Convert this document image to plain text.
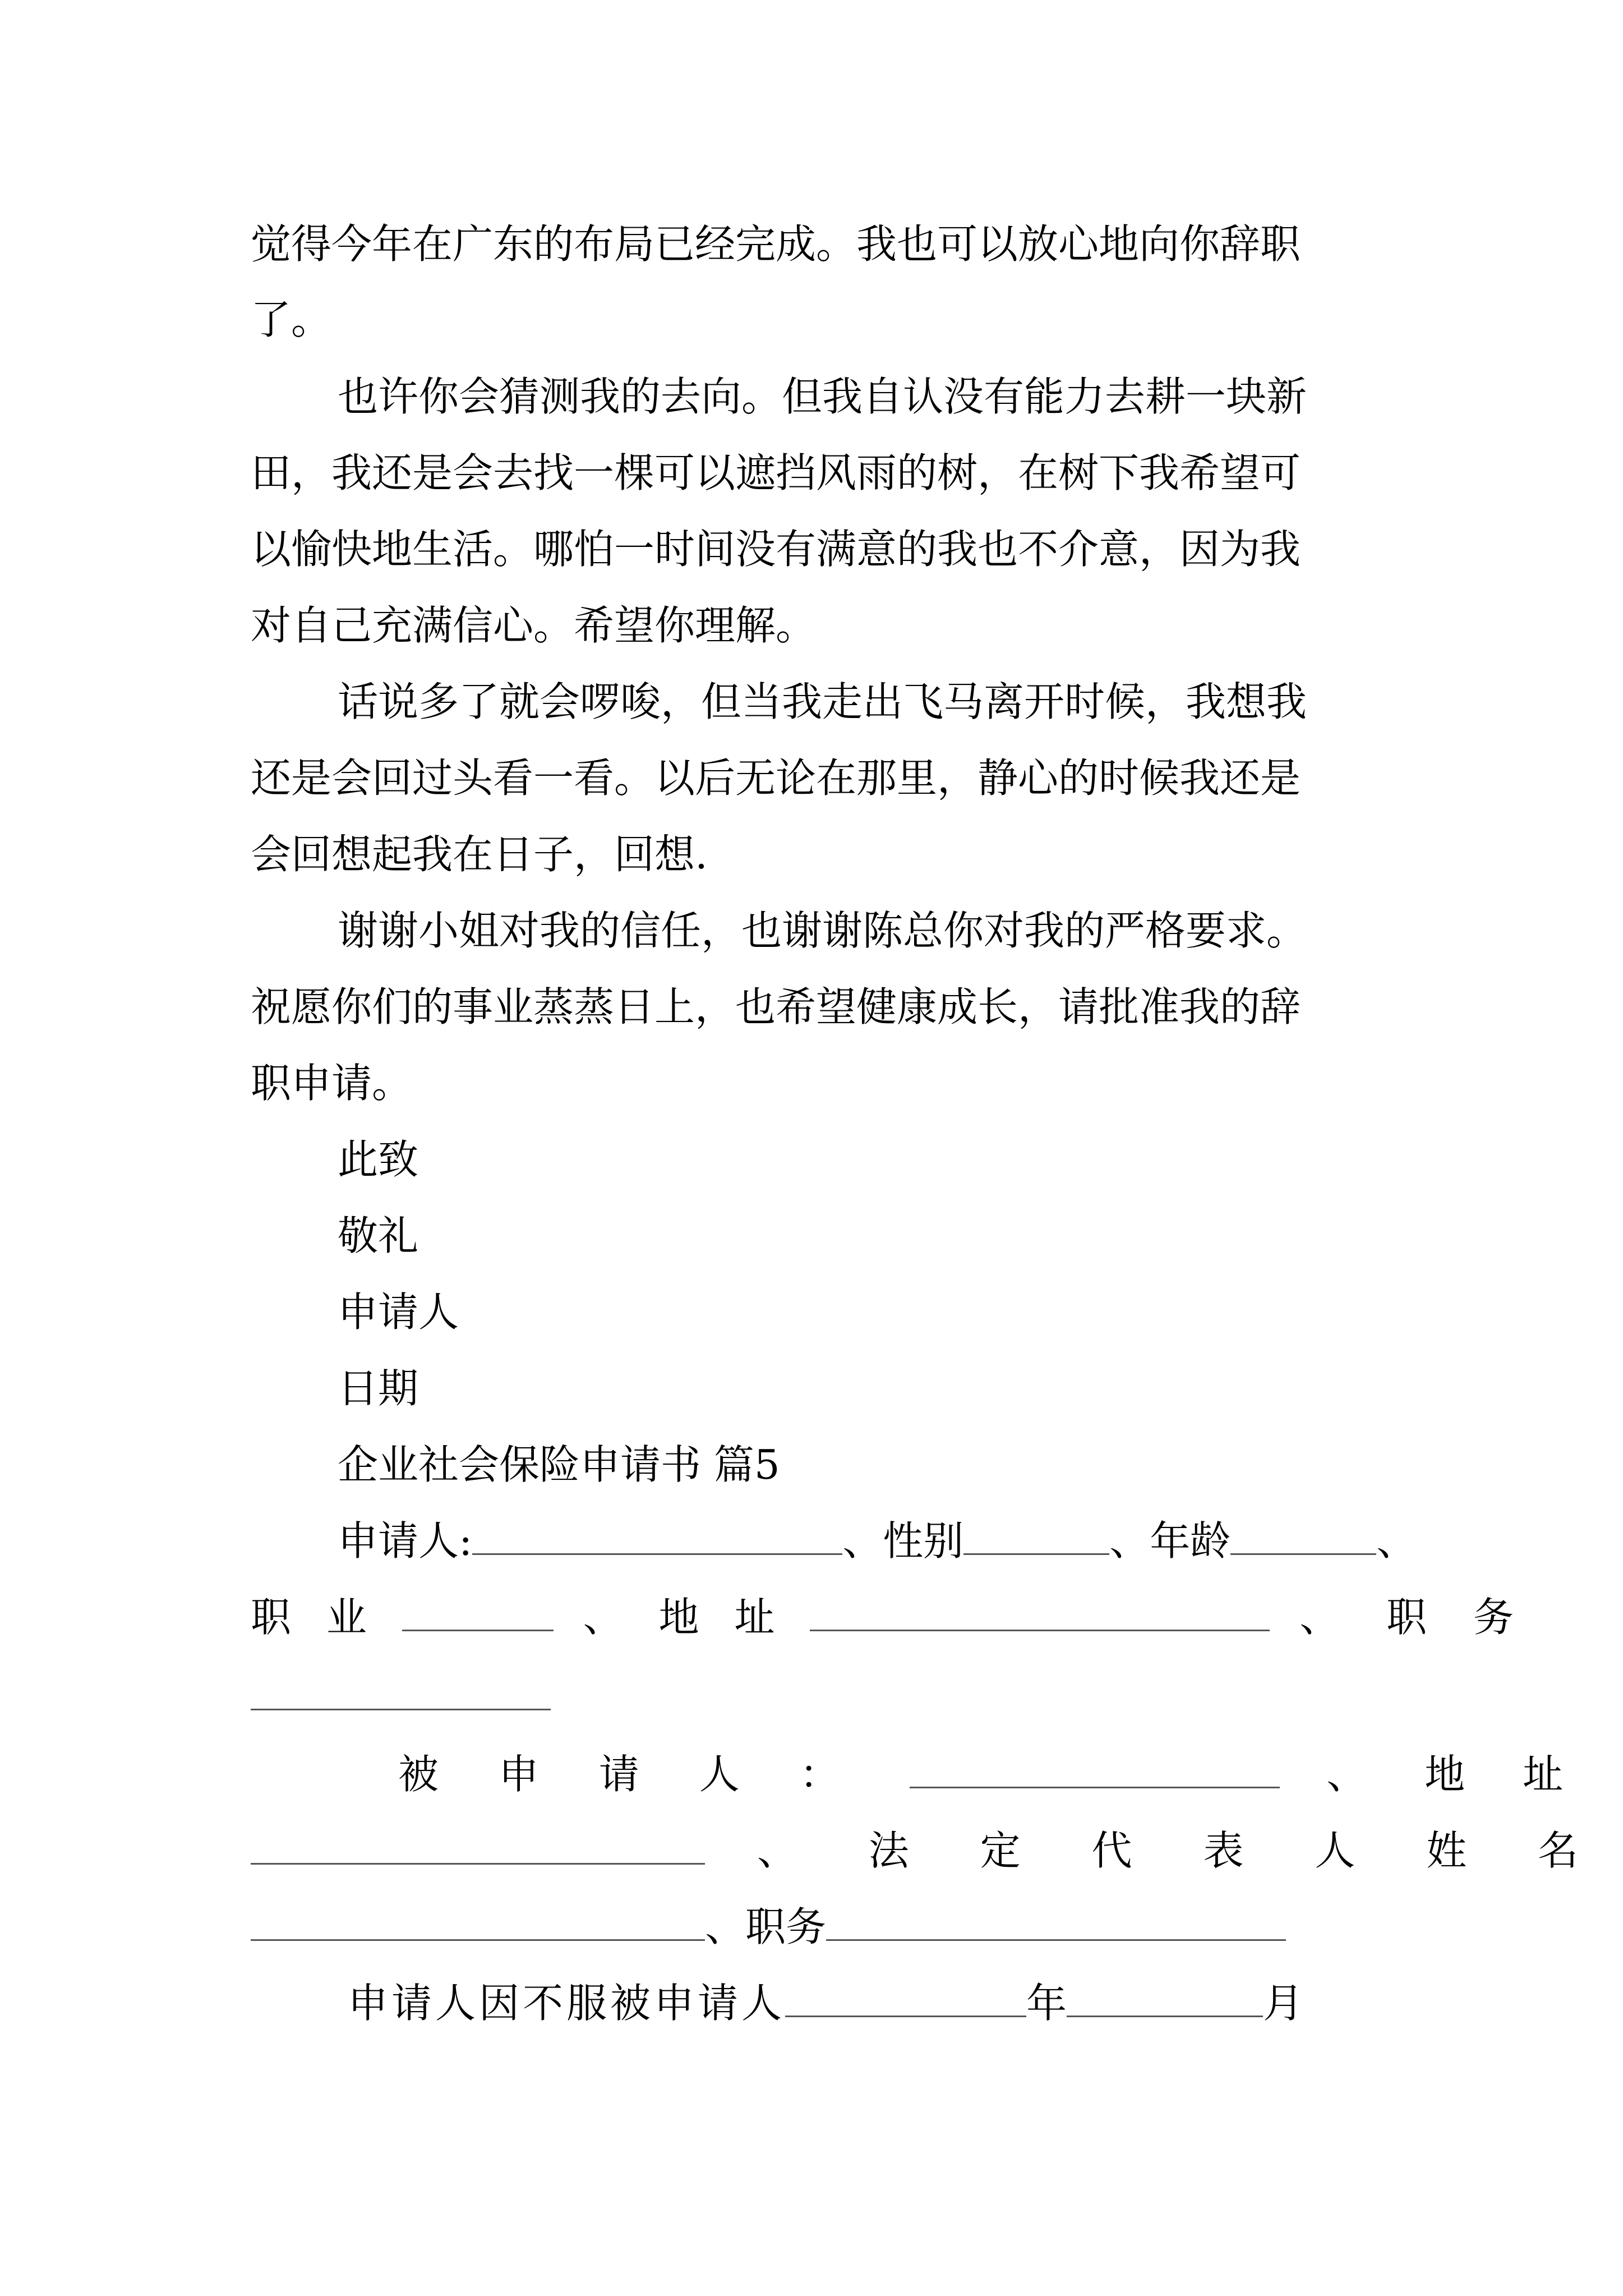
觉得今年在广东的布局已经完成。我也可以放心地向你辞职
了。
也许你会猜测我的去向。但我自认没有能力去耕一块新
田，我还是会去找一棵可以遮挡风雨的树，在树下我希望可
以愉快地生活。哪怕一时间没有满意的我也不介意，因为我
对自己充满信心。希望你理解。
话说多了就会啰唆，但当我走出飞马离开时候，我想我
还是会回过头看一看。以后无论在那里，静心的时候我还是
会回想起我在日子，回想.
谢谢小姐对我的信任，也谢谢陈总你对我的严格要求。
祝愿你们的事业蒸蒸日上，也希望健康成长，请批准我的辞
职申请。
此致
敬礼
申请人
日期
企业社会保险申请书 篇5
申请人:	、性别	、年龄	、
职 业	、 地 址	、 职 务
被 申 请 人 ：	、 地 址
、 法 定 代 表 人 姓 名
、职务
申请人因不服被申请人	年	月
